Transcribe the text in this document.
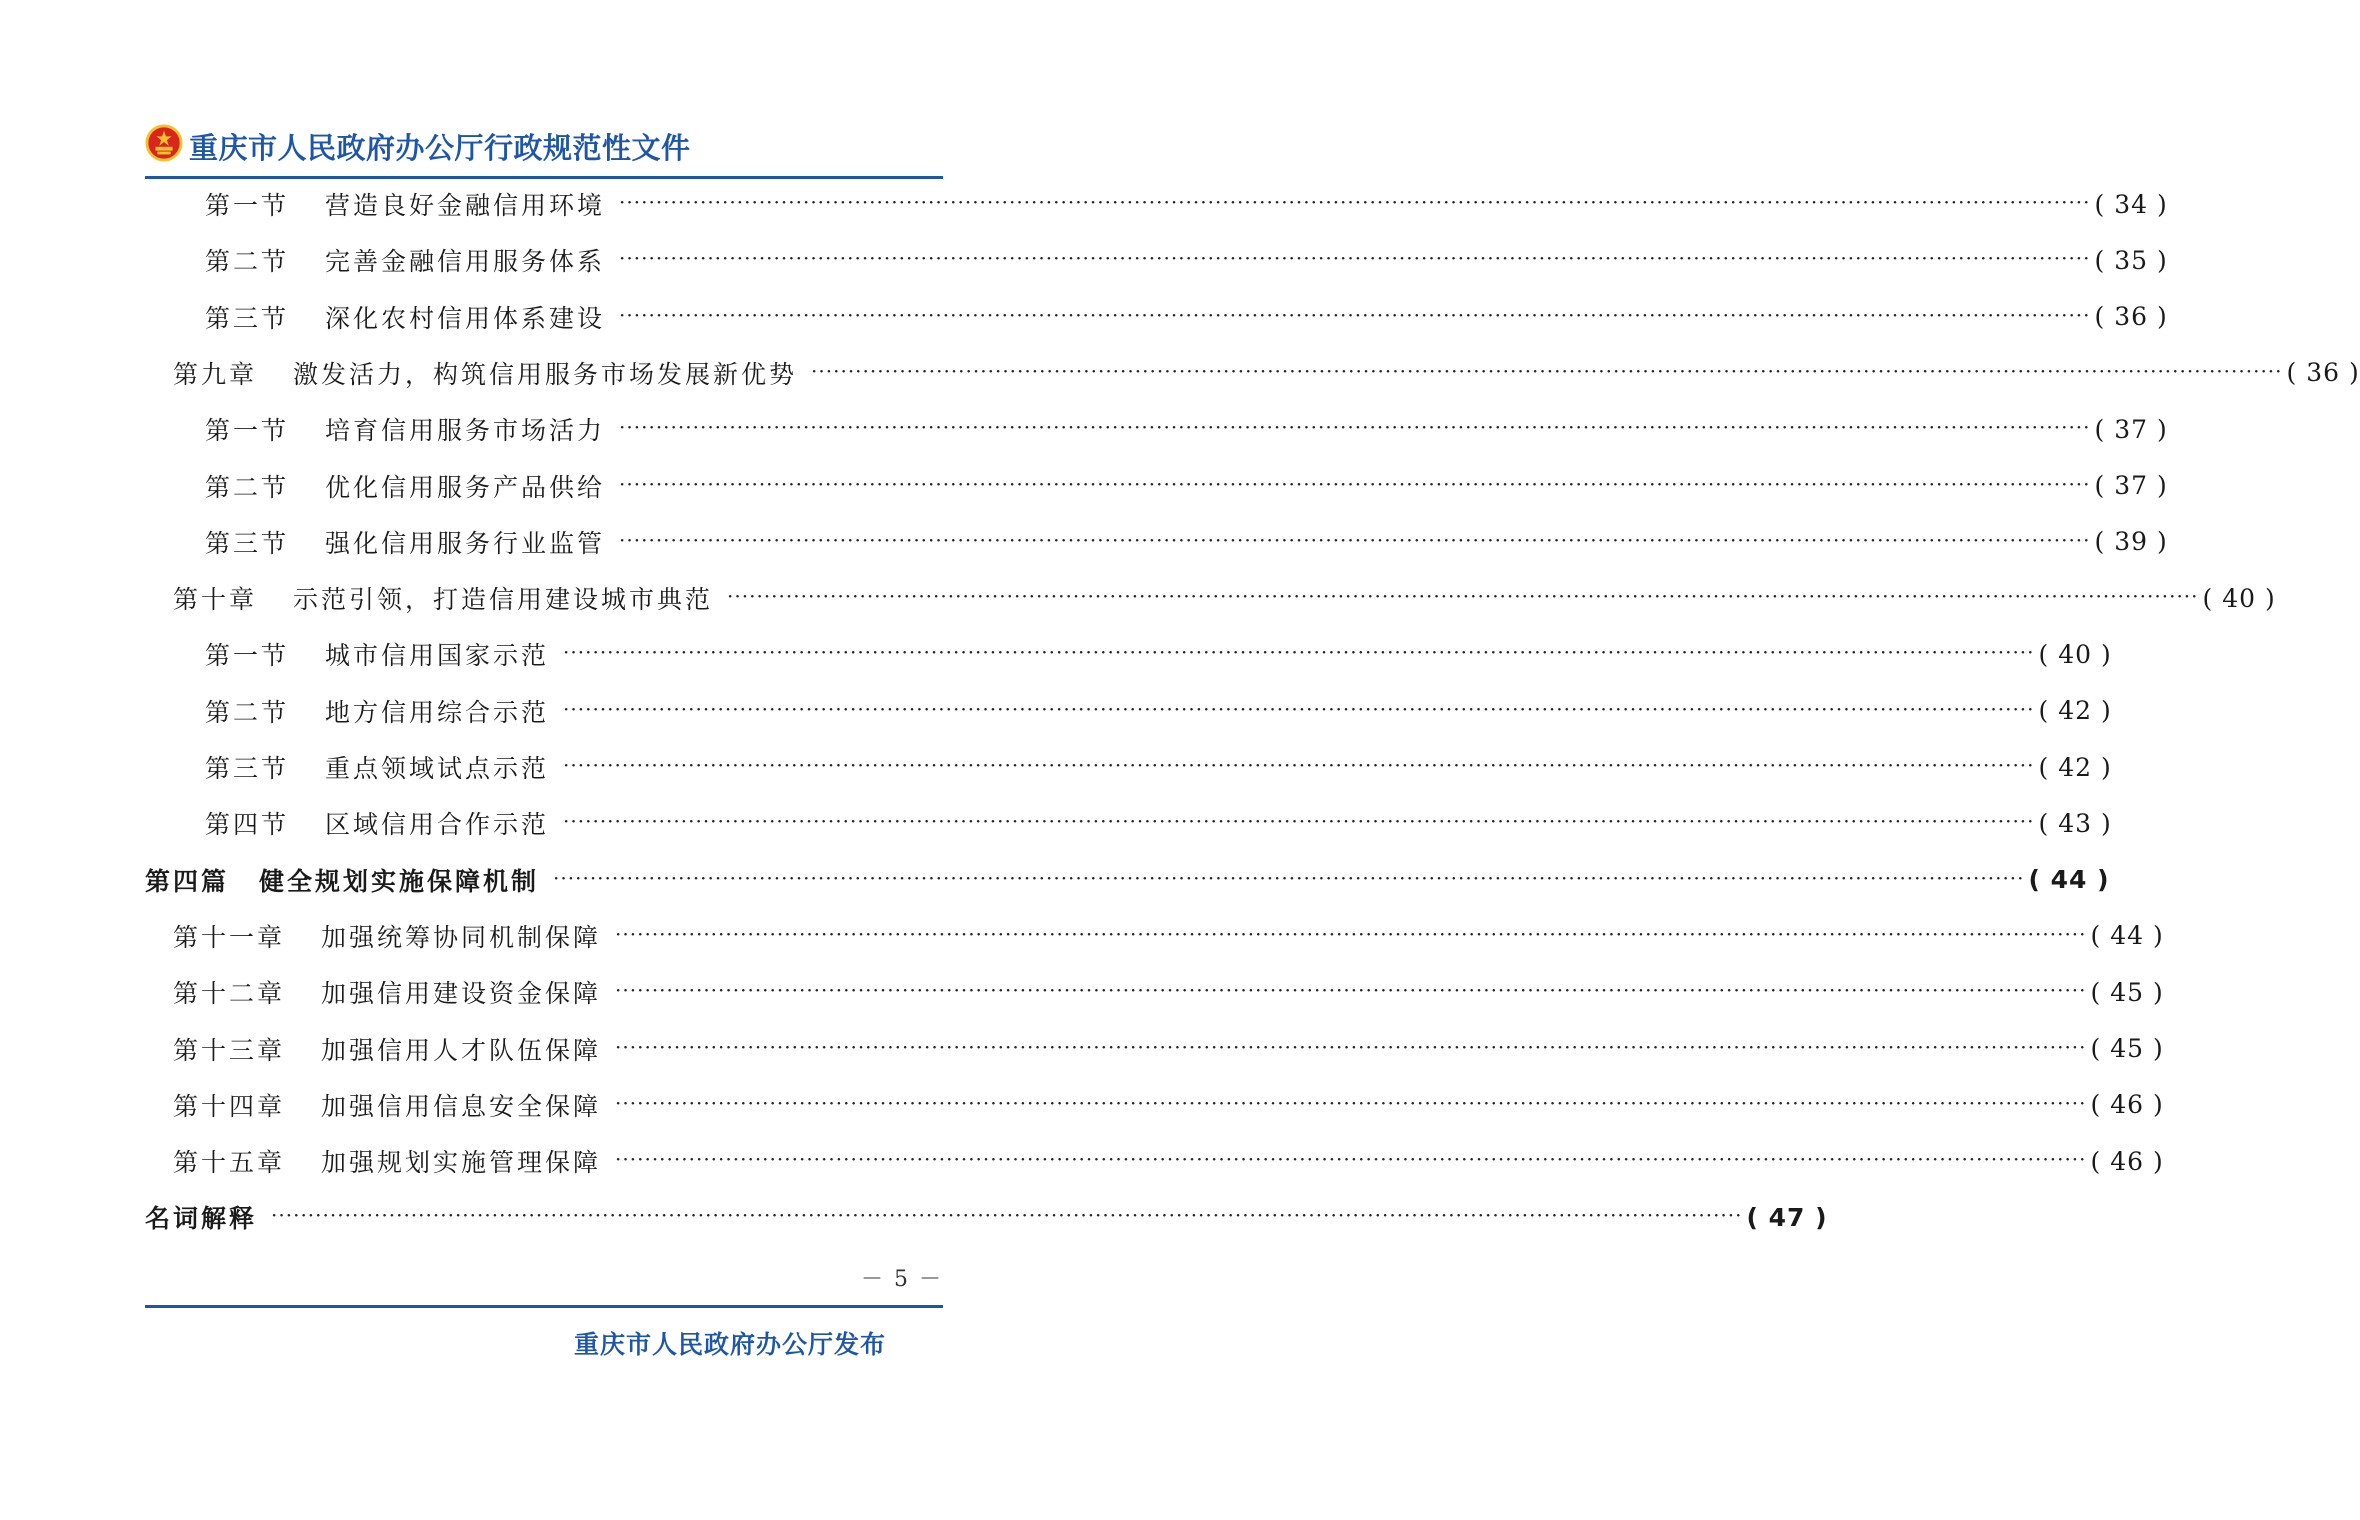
重庆市人民政府办公厅行政规范性文件
第一节 营造良好金融信用环境 ········································································································································································································ ( 34 )
第二节 完善金融信用服务体系 ········································································································································································································ ( 35 )
第三节 深化农村信用体系建设 ········································································································································································································ ( 36 )
第九章 激发活力，构筑信用服务市场发展新优势 ········································································································································································································ ( 36 )
第一节 培育信用服务市场活力 ········································································································································································································ ( 37 )
第二节 优化信用服务产品供给 ········································································································································································································ ( 37 )
第三节 强化信用服务行业监管 ········································································································································································································ ( 39 )
第十章 示范引领，打造信用建设城市典范 ········································································································································································································ ( 40 )
第一节 城市信用国家示范 ········································································································································································································ ( 40 )
第二节 地方信用综合示范 ········································································································································································································ ( 42 )
第三节 重点领域试点示范 ········································································································································································································ ( 42 )
第四节 区域信用合作示范 ········································································································································································································ ( 43 )
第四篇 健全规划实施保障机制 ········································································································································································································ ( 44 )
第十一章 加强统筹协同机制保障 ········································································································································································································ ( 44 )
第十二章 加强信用建设资金保障 ········································································································································································································ ( 45 )
第十三章 加强信用人才队伍保障 ········································································································································································································ ( 45 )
第十四章 加强信用信息安全保障 ········································································································································································································ ( 46 )
第十五章 加强规划实施管理保障 ········································································································································································································ ( 46 )
名词解释 ········································································································································································································ ( 47 )
－ 5 －
重庆市人民政府办公厅发布
